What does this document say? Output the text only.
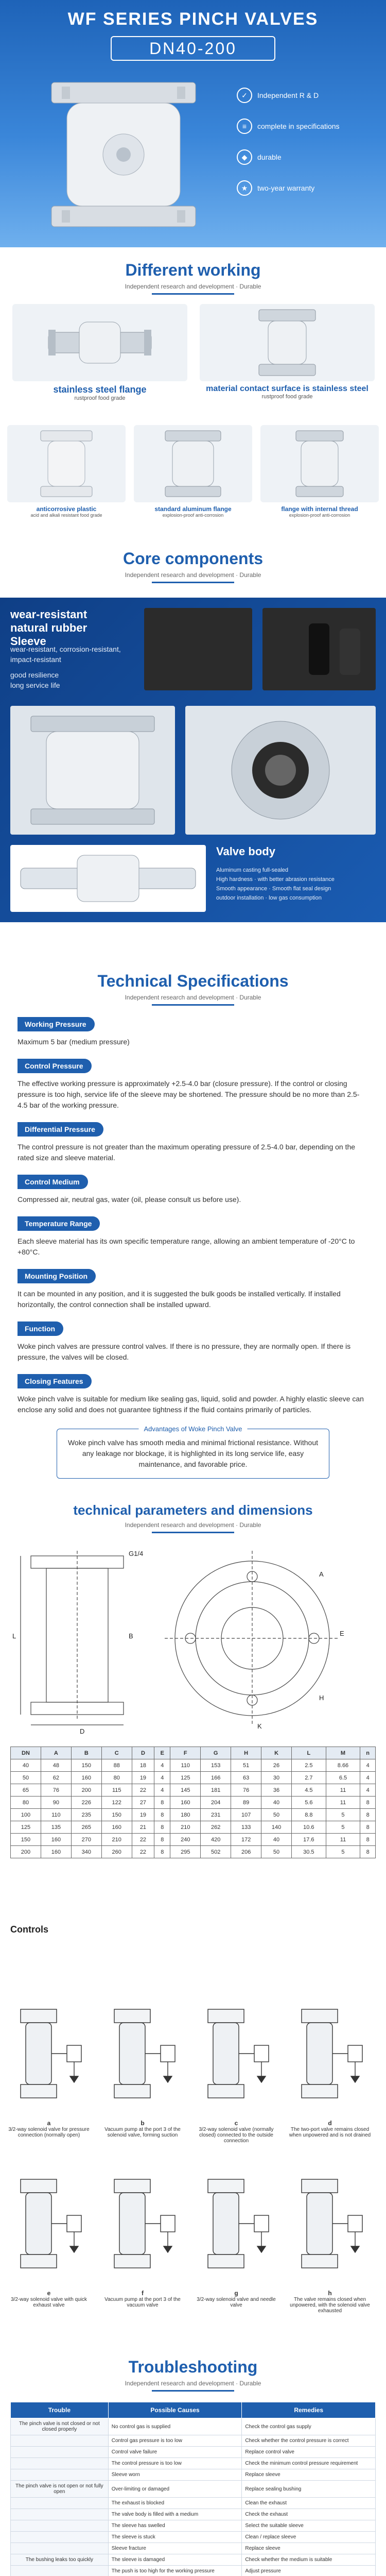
WF SERIES PINCH VALVES
DN40-200
✓	Independent R & D
≡	complete in specifications
◆	durable
★	two-year warranty
Different working
Independent research and development · Durable
stainless steel flange
rustproof food grade
material contact surface is stainless steel
rustproof food grade
anticorrosive plastic
acid and alkali resistant food grade
standard aluminum flange
explosion-proof anti-corrosion
flange with internal thread
explosion-proof anti-corrosion
Core components
Independent research and development · Durable
wear-resistant natural rubber Sleeve
wear-resistant, corrosion-resistant, impact-resistant
good resilience
long service life
Valve body
Aluminum casting full-sealed
High hardness · with better abrasion resistance
Smooth appearance · Smooth flat seal design
outdoor installation · low gas consumption
Technical Specifications
Independent research and development · Durable
Working Pressure
Maximum 5 bar (medium pressure)
Control Pressure
The effective working pressure is approximately +2.5-4.0 bar (closure pressure). If the control or closing pressure is too high, service life of the sleeve may be shortened. The pressure should be no more than 2.5-4.5 bar of the working pressure.
Differential Pressure
The control pressure is not greater than the maximum operating pressure of 2.5-4.0 bar, depending on the rated size and sleeve material.
Control Medium
Compressed air, neutral gas, water (oil, please consult us before use).
Temperature Range
Each sleeve material has its own specific temperature range, allowing an ambient temperature of -20°C to +80°C.
Mounting Position
It can be mounted in any position, and it is suggested the bulk goods be installed vertically. If installed horizontally, the control connection shall be installed upward.
Function
Woke pinch valves are pressure control valves. If there is no pressure, they are normally open. If there is pressure, the valves will be closed.
Closing Features
Woke pinch valve is suitable for medium like sealing gas, liquid, solid and powder. A highly elastic sleeve can enclose any solid and does not guarantee tightness if the fluid contains primarily of particles.
Advantages of Woke Pinch Valve
Woke pinch valve has smooth media and minimal frictional resistance. Without any leakage nor blockage, it is highlighted in its long service life, easy maintenance, and favorable price.
technical parameters and dimensions
Independent research and development · Durable
G1/4
D
L	B
A
H
E
K
DN	A	B	C	D	E	F	G	H	K	L	M	n
40	48	150	88	18	4	110	153	51	26	2.5	8.66	4
50	62	160	80	19	4	125	166	63	30	2.7	6.5	4
65	76	200	115	22	4	145	181	76	36	4.5	11	4
80	90	226	122	27	8	160	204	89	40	5.6	11	8
100	110	235	150	19	8	180	231	107	50	8.8	5	8
125	135	265	160	21	8	210	262	133	140	10.6	5	8
150	160	270	210	22	8	240	420	172	40	17.6	11	8
200	160	340	260	22	8	295	502	206	50	30.5	5	8
Controls
a
3/2-way solenoid valve for pressure connection (normally open)
b
Vacuum pump at the port 3 of the solenoid valve, forming suction
c
3/2-way solenoid valve (normally closed) connected to the outside connection
d
The two-port valve remains closed when unpowered and is not drained
e
3/2-way solenoid valve with quick exhaust valve
f
Vacuum pump at the port 3 of the vacuum valve
g
3/2-way solenoid valve and needle valve
h
The valve remains closed when unpowered, with the solenoid valve exhausted
Troubleshooting
Independent research and development · Durable
Trouble	Possible Causes	Remedies
The pinch valve is not closed or not closed properly	No control gas is supplied	Check the control gas supply
	Control gas pressure is too low	Check whether the control pressure is correct
	Control valve failure	Replace control valve
	The control pressure is too low	Check the minimum control pressure requirement
	Sleeve worn	Replace sleeve
The pinch valve is not open or not fully open	Over-limiting or damaged	Replace sealing bushing
	The exhaust is blocked	Clean the exhaust
	The valve body is filled with a medium	Check the exhaust
	The sleeve has swelled	Select the suitable sleeve
	The sleeve is stuck	Clean / replace sleeve
	Sleeve fracture	Replace sleeve
The bushing leaks too quickly	The sleeve is damaged	Check whether the medium is suitable
	The push is too high for the working pressure	Adjust pressure
